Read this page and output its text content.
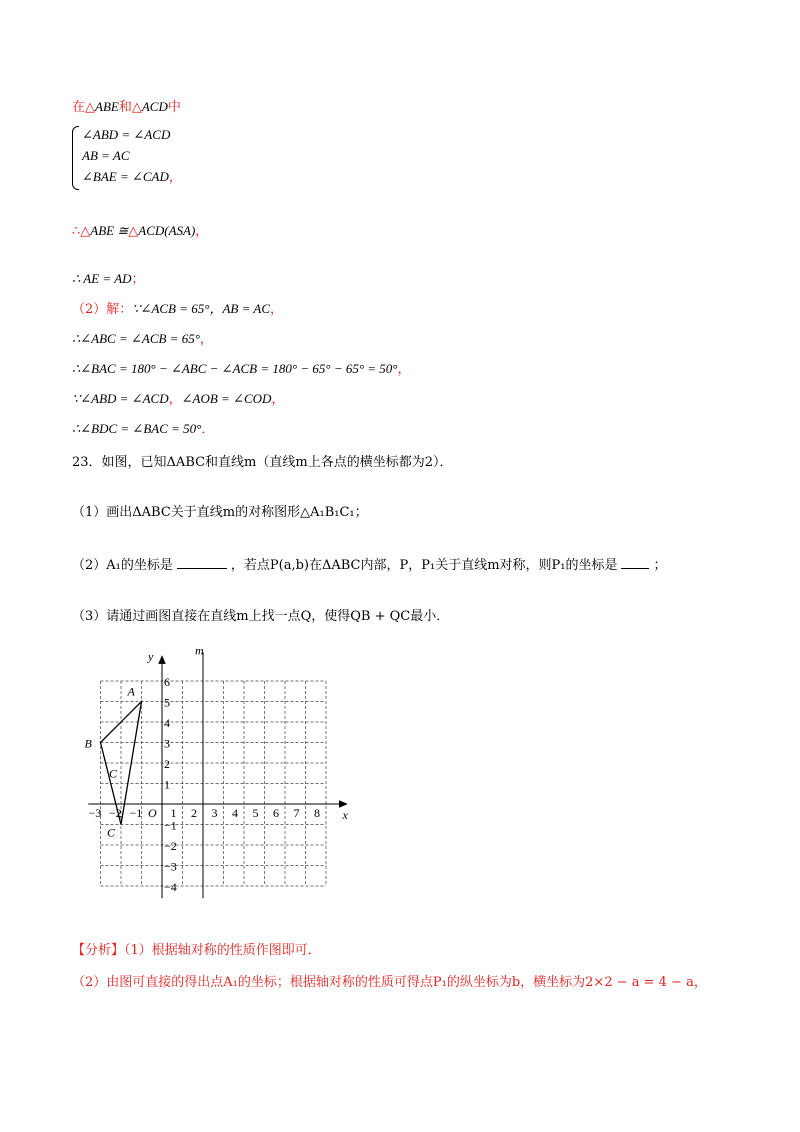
在△ABE和△ACD中
∠ABD = ∠ACD
AB = AC
∠BAE = ∠CAD，
∴△ABE ≅△ACD(ASA)，
∴ AE = AD；
（2）解：∵∠ACB = 65°，AB = AC，
∴∠ABC = ∠ACB = 65°，
∴∠BAC = 180° − ∠ABC − ∠ACB = 180° − 65° − 65° = 50°，
∵∠ABD = ∠ACD，∠AOB = ∠COD，
∴∠BDC = ∠BAC = 50°．
23．如图，已知ΔABC和直线m（直线m上各点的横坐标都为2）．
（1）画出ΔABC关于直线m的对称图形△A₁B₁C₁；
（2）A₁的坐标是	，若点P(a,b)在ΔABC内部，P，P₁关于直线m对称，则P₁的坐标是	；
（3）请通过画图直接在直线m上找一点Q，使得QB + QC最小．
−3 −2 −1 O 1 2 3 4 5 6 7 8
6
5
4
3
2
1
−1
−2
−3
−4
x
y	m
A
B
C
C
【分析】（1）根据轴对称的性质作图即可．
（2）由图可直接的得出点A₁的坐标；根据轴对称的性质可得点P₁的纵坐标为b，横坐标为2×2 − a = 4 − a，
